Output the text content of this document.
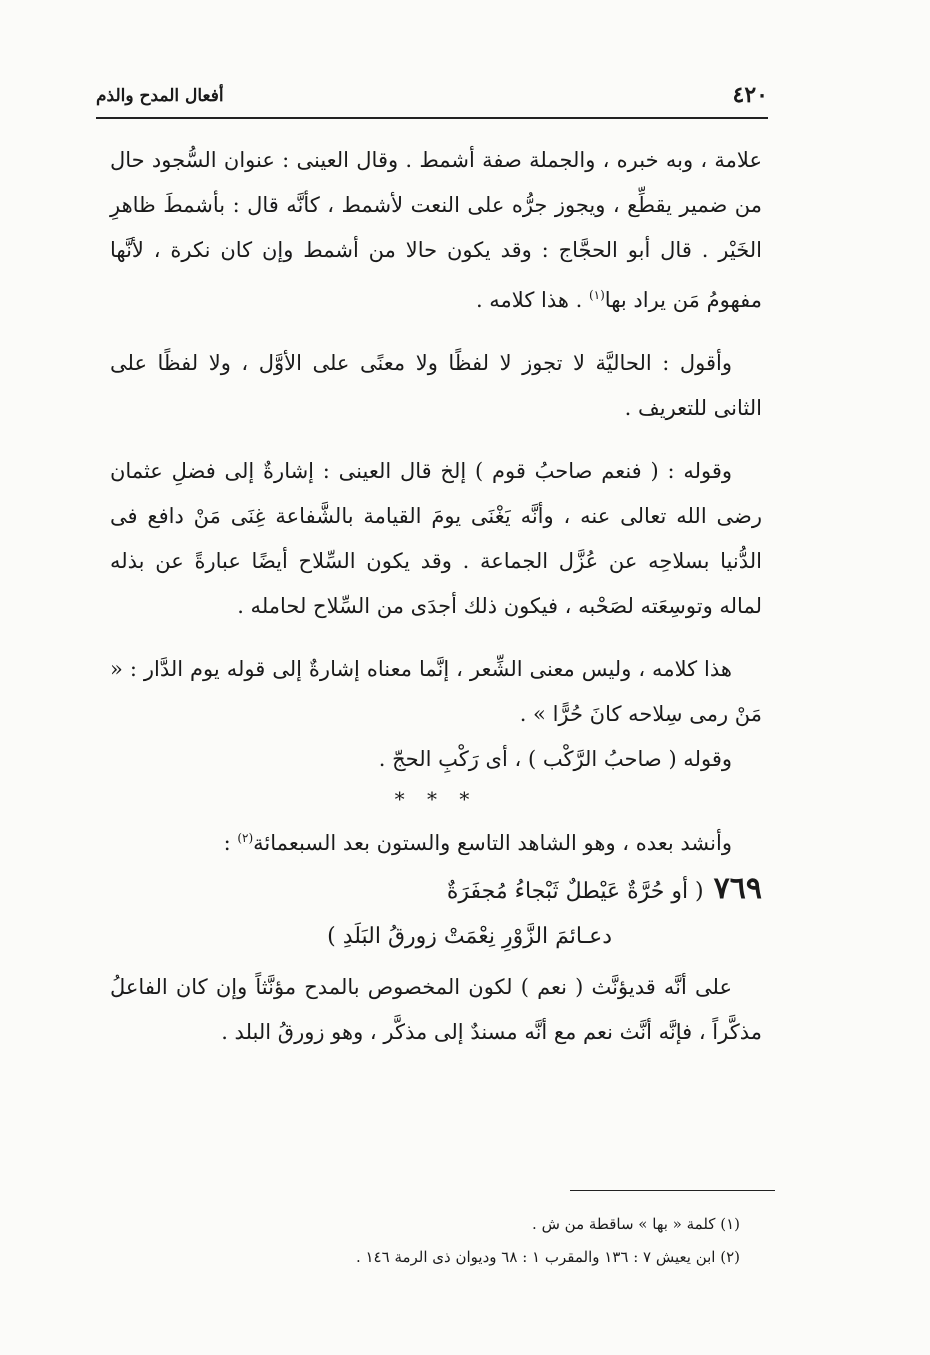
٤٢٠
أفعال المدح والذم

علامة ، وبه خبره ، والجملة صفة أشمط . وقال العينى : عنوان السُّجود حال من ضمير يقطِّع ، ويجوز جرُّه على النعت لأشمط ، كأنَّه قال : بأشمطَ ظاهرِ الخَيْر . قال أبو الحجَّاج : وقد يكون حالا من أشمط وإن كان نكرة ، لأنَّها مفهومُ مَن يراد بها$^{(١)}$ . هذا كلامه .

وأقول : الحاليَّة لا تجوز لا لفظًا ولا معنًى على الأوَّل ، ولا لفظًا على الثانى للتعريف .

وقوله : ( فنعم صاحبُ قوم ) إلخ قال العينى : إشارةٌ إلى فضلِ عثمان رضى الله تعالى عنه ، وأنَّه يَغْنَى يومَ القيامة بالشَّفاعة غِنَى مَنْ دافع فى الدُّنيا بسلاحِه عن عُزَّل الجماعة . وقد يكون السِّلاح أيضًا عبارةً عن بذله لماله وتوسِعَته لصَحْبه ، فيكون ذلك أجدَى من السِّلاح لحامله .

هذا كلامه ، وليس معنى الشِّعر ، إنَّما معناه إشارةٌ إلى قوله يوم الدَّار : « مَنْ رمى سِلاحه كانَ حُرًّا » .

وقوله ( صاحبُ الرَّكْب ) ، أى رَكْبِ الحجّ .

* * *

وأنشد بعده ، وهو الشاهد التاسع والستون بعد السبعمائة$^{(٢)}$ :

٧٦٩( أو حُرَّةٌ عَيْطلٌ ثَبْجاءُ مُجفَرَةٌ
دعـائمَ الزَّوْرِ نِعْمَتْ زورقُ البَلَدِ )

على أنَّه قديؤنَّث ( نعم ) لكون المخصوص بالمدح مؤنَّثاً وإن كان الفاعلُ مذكَّراً ، فإنَّه أنَّث نعم مع أنَّه مسندٌ إلى مذكَّر ، وهو زورقُ البلد .

(١) كلمة « بها » ساقطة من ش .

(٢) ابن يعيش ٧ : ١٣٦ والمقرب ١ : ٦٨ وديوان ذى الرمة ١٤٦ .
